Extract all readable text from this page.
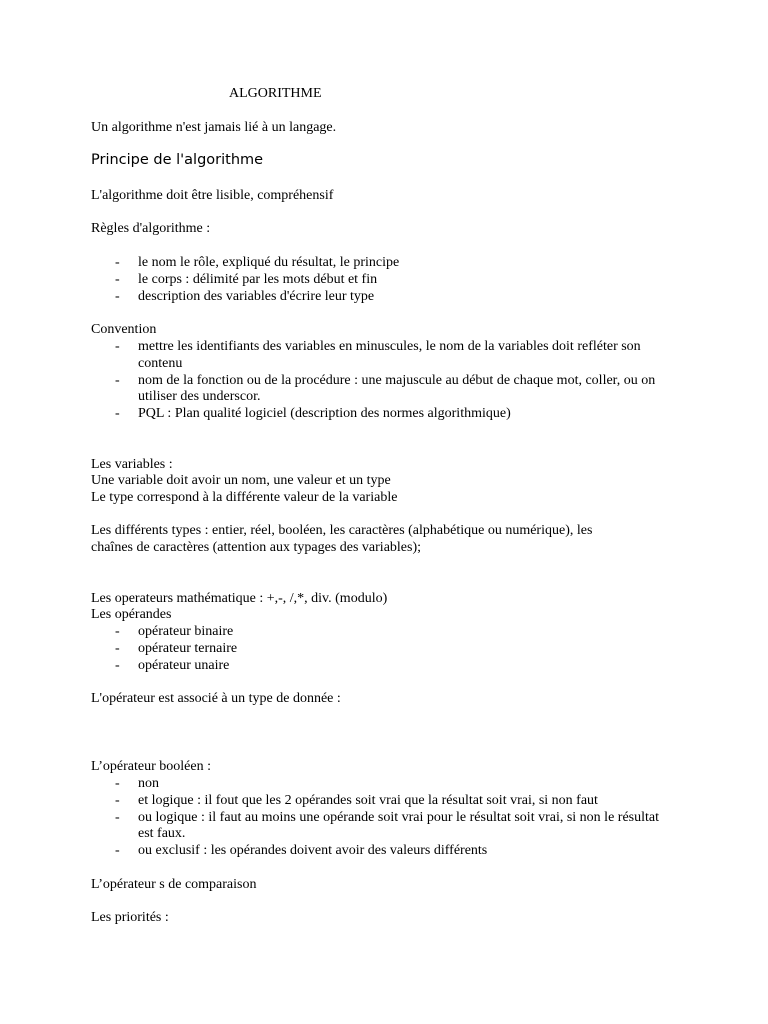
ALGORITHME

Un algorithme n'est jamais lié à un langage.

Principe de l'algorithme

L'algorithme doit être lisible, compréhensif

Règles d'algorithme :

- le nom le rôle, expliqué du résultat, le principe
- le corps : délimité par les mots début et fin
- description des variables d'écrire leur type

Convention

- mettre les identifiants des variables en minuscules, le nom de la variables doit refléter son contenu
- nom de la fonction ou de la procédure : une majuscule au début de chaque mot, coller, ou on utiliser des underscor.
- PQL : Plan qualité logiciel (description des normes algorithmique)

Les variables :

Une variable doit avoir un nom, une valeur et un type

Le type correspond à la différente valeur de la variable

Les différents types : entier, réel, booléen, les caractères (alphabétique ou numérique), les

chaînes de caractères (attention aux typages des variables);

Les operateurs mathématique : +,-, /,*, div. (modulo)

Les opérandes

- opérateur binaire
- opérateur ternaire
- opérateur unaire

L'opérateur est associé à un type de donnée :

L’opérateur booléen :

- non
- et logique : il fout que les 2 opérandes soit vrai que la résultat soit vrai, si non faut
- ou logique : il faut au moins une opérande soit vrai pour le résultat soit vrai, si non le résultat est faux.
- ou exclusif : les opérandes doivent avoir des valeurs différents

L’opérateur s de comparaison

Les priorités :
